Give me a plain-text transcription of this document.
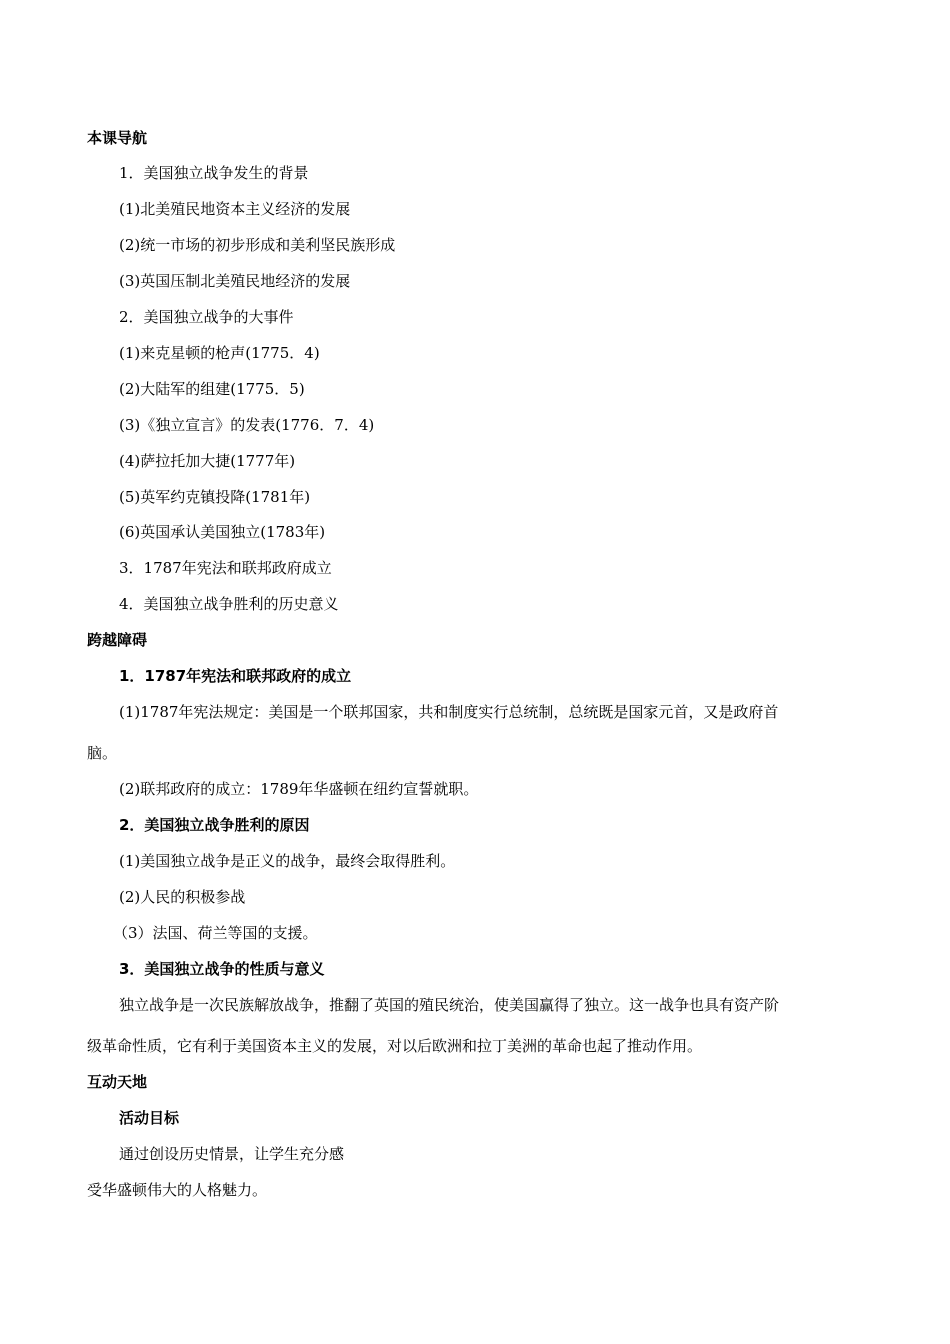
本课导航
1．美国独立战争发生的背景
(1)北美殖民地资本主义经济的发展
(2)统一市场的初步形成和美利坚民族形成
(3)英国压制北美殖民地经济的发展
2．美国独立战争的大事件
(1)来克星顿的枪声(1775．4)
(2)大陆军的组建(1775．5)
(3)《独立宣言》的发表(1776．7．4)
(4)萨拉托加大捷(1777年)
(5)英军约克镇投降(1781年)
(6)英国承认美国独立(1783年)
3．1787年宪法和联邦政府成立
4．美国独立战争胜利的历史意义
跨越障碍
1．1787年宪法和联邦政府的成立
(1)1787年宪法规定：美国是一个联邦国家，共和制度实行总统制，总统既是国家元首，又是政府首
脑。
(2)联邦政府的成立：1789年华盛顿在纽约宣誓就职。
2．美国独立战争胜利的原因
(1)美国独立战争是正义的战争，最终会取得胜利。
(2)人民的积极参战
（3）法国、荷兰等国的支援。
3．美国独立战争的性质与意义
独立战争是一次民族解放战争，推翻了英国的殖民统治，使美国赢得了独立。这一战争也具有资产阶
级革命性质，它有利于美国资本主义的发展，对以后欧洲和拉丁美洲的革命也起了推动作用。
互动天地
活动目标
通过创设历史情景，让学生充分感
受华盛顿伟大的人格魅力。
